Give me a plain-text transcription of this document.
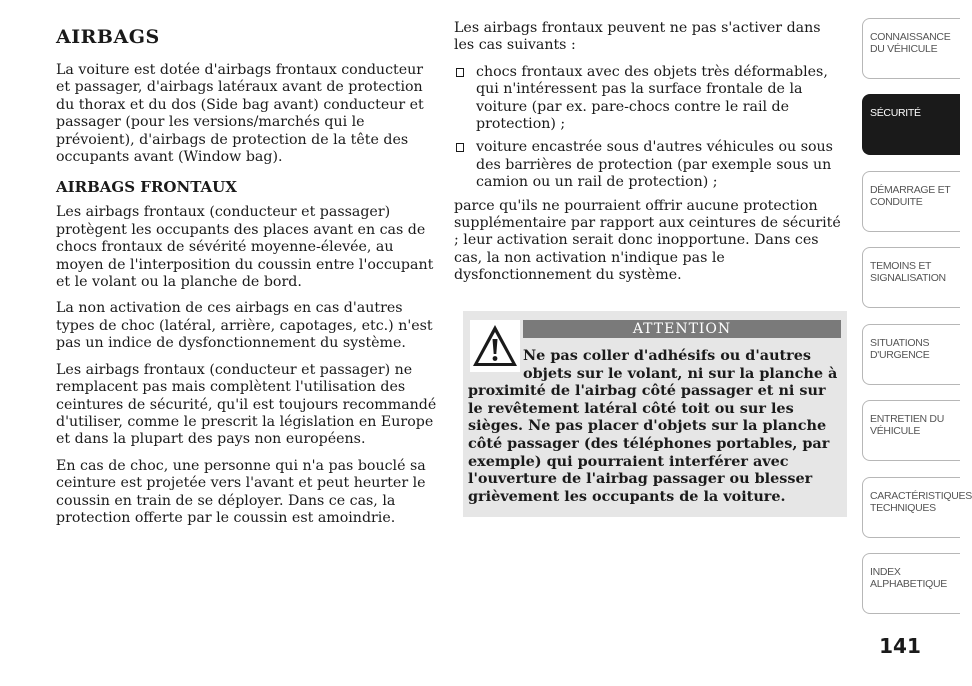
AIRBAGS

La voiture est dotée d'airbags frontaux conducteur et passager, d'airbags latéraux avant de protection du thorax et du dos (Side bag avant) conducteur et passager (pour les versions/marchés qui le prévoient), d'airbags de protection de la tête des occupants avant (Window bag).

AIRBAGS FRONTAUX

Les airbags frontaux (conducteur et passager) protègent les occupants des places avant en cas de chocs frontaux de sévérité moyenne-élevée, au moyen de l'interposition du coussin entre l'occupant et le volant ou la planche de bord.

La non activation de ces airbags en cas d'autres types de choc (latéral, arrière, capotages, etc.) n'est pas un indice de dysfonctionnement du système.

Les airbags frontaux (conducteur et passager) ne remplacent pas mais complètent l'utilisation des ceintures de sécurité, qu'il est toujours recommandé d'utiliser, comme le prescrit la législation en Europe et dans la plupart des pays non européens.

En cas de choc, une personne qui n'a pas bouclé sa ceinture est projetée vers l'avant et peut heurter le coussin en train de se déployer. Dans ce cas, la protection offerte par le coussin est amoindrie.

Les airbags frontaux peuvent ne pas s'activer dans les cas suivants :

chocs frontaux avec des objets très déformables, qui n'intéressent pas la surface frontale de la voiture (par ex. pare-chocs contre le rail de protection) ;
voiture encastrée sous d'autres véhicules ou sous des barrières de protection (par exemple sous un camion ou un rail de protection) ;

parce qu'ils ne pourraient offrir aucune protection supplémentaire par rapport aux ceintures de sécurité ; leur activation serait donc inopportune. Dans ces cas, la non activation n'indique pas le dysfonctionnement du système.

ATTENTION

Ne pas coller d'adhésifs ou d'autres objets sur le volant, ni sur la planche à proximité de l'airbag côté passager et ni sur le revêtement latéral côté toit ou sur les sièges. Ne pas placer d'objets sur la planche côté passager (des téléphones portables, par exemple) qui pourraient interférer avec l'ouverture de l'airbag passager ou blesser grièvement les occupants de la voiture.

CONNAISSANCE DU VÉHICULE
SÉCURITÉ
DÉMARRAGE ET CONDUITE
TEMOINS ET SIGNALISATION
SITUATIONS D'URGENCE
ENTRETIEN DU VÉHICULE
CARACTÉRISTIQUES TECHNIQUES
INDEX ALPHABETIQUE
141
